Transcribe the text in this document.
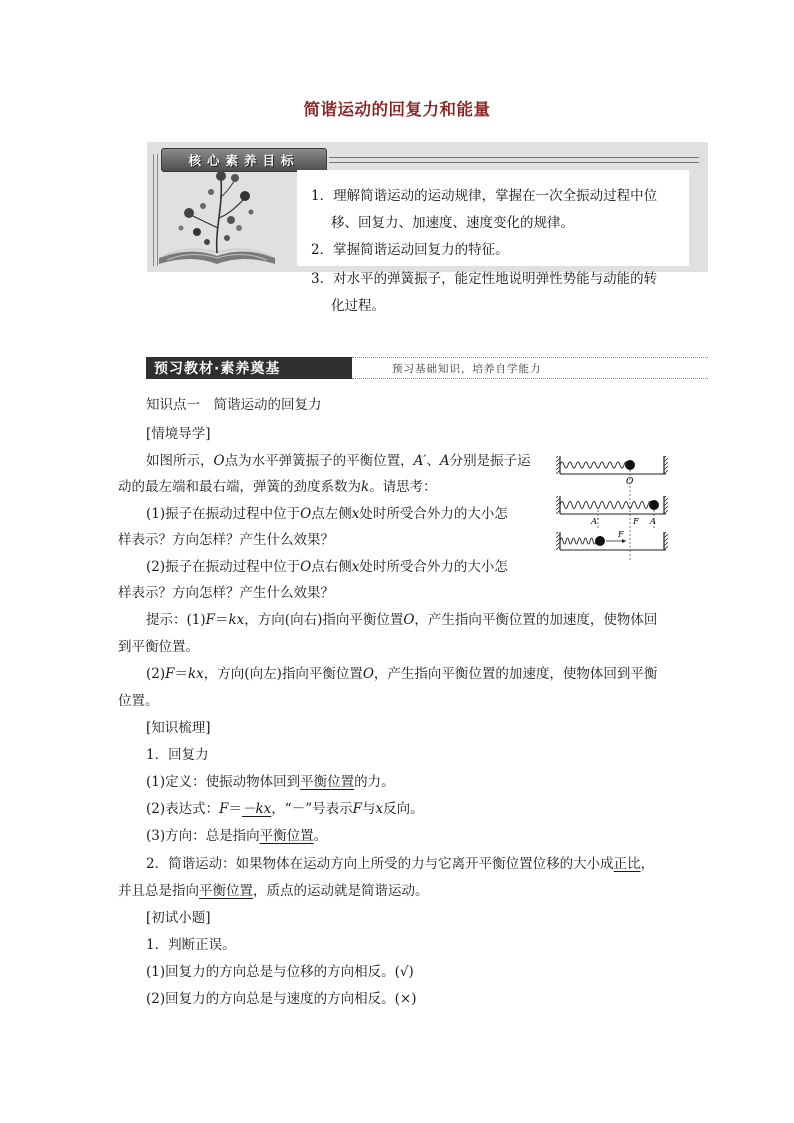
简谐运动的回复力和能量
核心素养目标
1．理解简谐运动的运动规律，掌握在一次全振动过程中位
移、回复力、加速度、速度变化的规律。
2．掌握简谐运动回复力的特征。
3．对水平的弹簧振子，能定性地说明弹性势能与动能的转
化过程。
预习教材·素养奠基	预习基础知识，培养自学能力
O
A′	F A
F
知识点一　简谐运动的回复力
[情境导学]
如图所示，O点为水平弹簧振子的平衡位置，A′、A分别是振子运
动的最左端和最右端，弹簧的劲度系数为k。请思考：
(1)振子在振动过程中位于O点左侧x处时所受合外力的大小怎
样表示？方向怎样？产生什么效果？
(2)振子在振动过程中位于O点右侧x处时所受合外力的大小怎
样表示？方向怎样？产生什么效果？
提示：(1)F＝kx，方向(向右)指向平衡位置O，产生指向平衡位置的加速度，使物体回
到平衡位置。
(2)F＝kx，方向(向左)指向平衡位置O，产生指向平衡位置的加速度，使物体回到平衡
位置。
[知识梳理]
1．回复力
(1)定义：使振动物体回到平衡位置的力。
(2)表达式：F＝－kx，“－”号表示F与x反向。
(3)方向：总是指向平衡位置。
2．简谐运动：如果物体在运动方向上所受的力与它离开平衡位置位移的大小成正比，
并且总是指向平衡位置，质点的运动就是简谐运动。
[初试小题]
1．判断正误。
(1)回复力的方向总是与位移的方向相反。(√)
(2)回复力的方向总是与速度的方向相反。(×)
